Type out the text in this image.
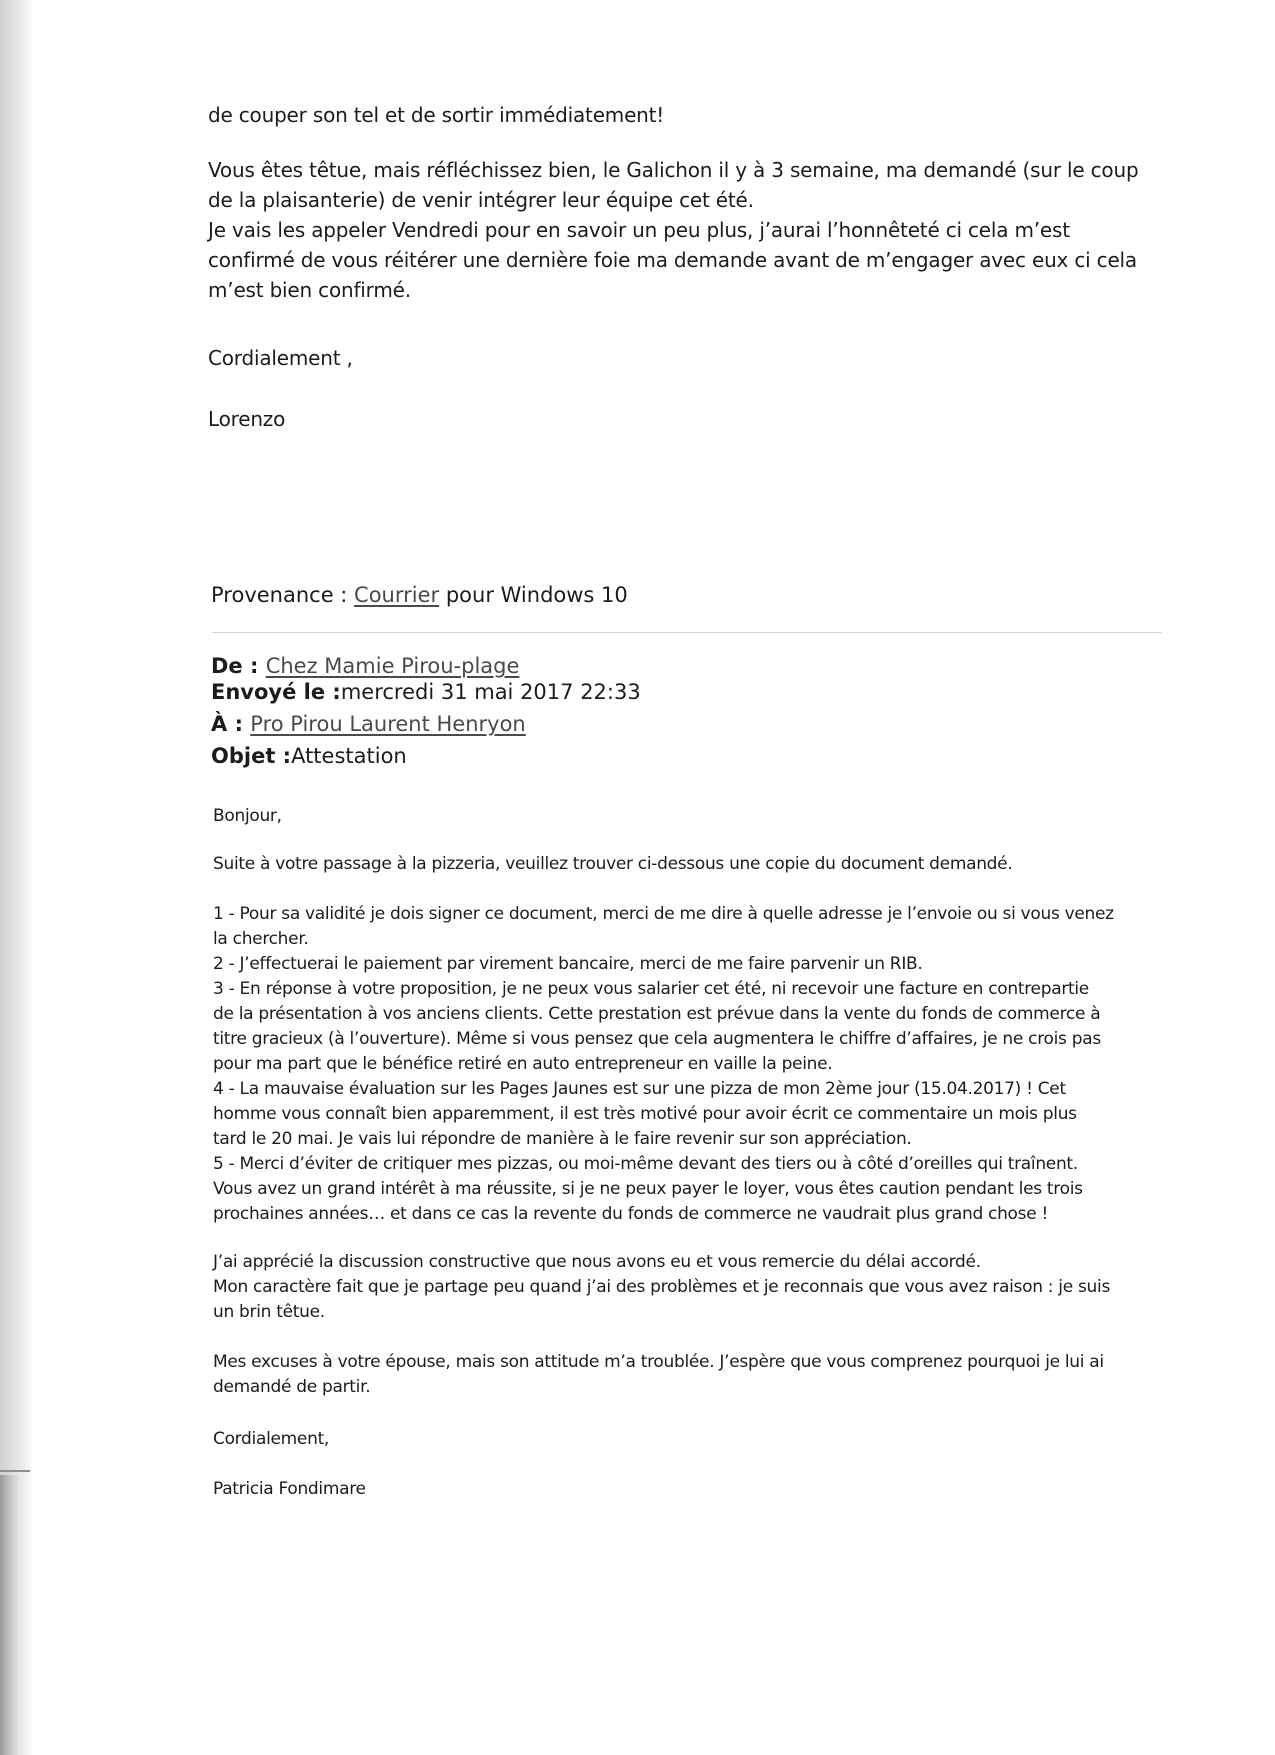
de couper son tel et de sortir immédiatement!

Vous êtes têtue, mais réfléchissez bien, le Galichon il y à 3 semaine, ma demandé (sur le coup
de la plaisanterie) de venir intégrer leur équipe cet été.
Je vais les appeler Vendredi pour en savoir un peu plus, j’aurai l’honnêteté ci cela m’est
confirmé de vous réitérer une dernière foie ma demande avant de m’engager avec eux ci cela
m’est bien confirmé.

Cordialement ,

Lorenzo

Provenance : Courrier pour Windows 10

De : Chez Mamie Pirou-plage

Envoyé le :mercredi 31 mai 2017 22:33

À : Pro Pirou Laurent Henryon

Objet :Attestation

Bonjour,

Suite à votre passage à la pizzeria, veuillez trouver ci-dessous une copie du document demandé.

1 - Pour sa validité je dois signer ce document, merci de me dire à quelle adresse je l’envoie ou si vous venez
la chercher.
2 - J’effectuerai le paiement par virement bancaire, merci de me faire parvenir un RIB.
3 - En réponse à votre proposition, je ne peux vous salarier cet été, ni recevoir une facture en contrepartie
de la présentation à vos anciens clients. Cette prestation est prévue dans la vente du fonds de commerce à
titre gracieux (à l’ouverture). Même si vous pensez que cela augmentera le chiffre d’affaires, je ne crois pas
pour ma part que le bénéfice retiré en auto entrepreneur en vaille la peine.
4 - La mauvaise évaluation sur les Pages Jaunes est sur une pizza de mon 2ème jour (15.04.2017) ! Cet
homme vous connaît bien apparemment, il est très motivé pour avoir écrit ce commentaire un mois plus
tard le 20 mai. Je vais lui répondre de manière à le faire revenir sur son appréciation.
5 - Merci d’éviter de critiquer mes pizzas, ou moi-même devant des tiers ou à côté d’oreilles qui traînent.
Vous avez un grand intérêt à ma réussite, si je ne peux payer le loyer, vous êtes caution pendant les trois
prochaines années… et dans ce cas la revente du fonds de commerce ne vaudrait plus grand chose !
J’ai apprécié la discussion constructive que nous avons eu et vous remercie du délai accordé.
Mon caractère fait que je partage peu quand j’ai des problèmes et je reconnais que vous avez raison : je suis
un brin têtue.
Mes excuses à votre épouse, mais son attitude m’a troublée. J’espère que vous comprenez pourquoi je lui ai
demandé de partir.

Cordialement,

Patricia Fondimare
